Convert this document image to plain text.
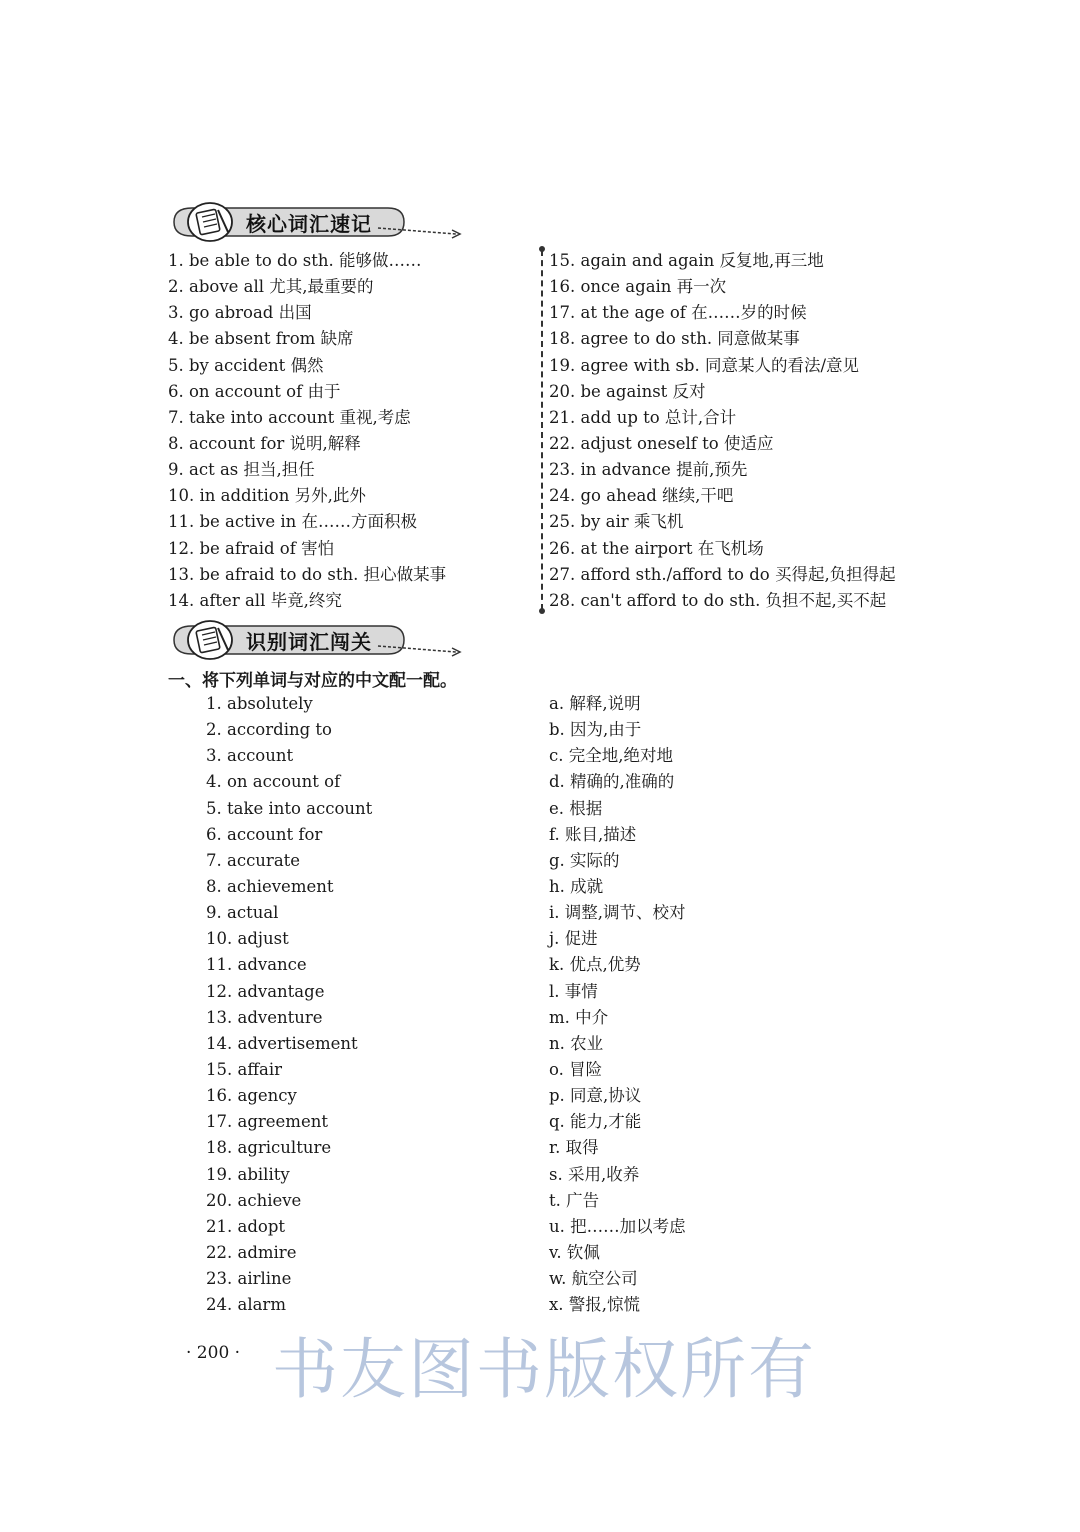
核心词汇速记
1. be able to do sth. 能够做……
2. above all 尤其,最重要的
3. go abroad 出国
4. be absent from 缺席
5. by accident 偶然
6. on account of 由于
7. take into account 重视,考虑
8. account for 说明,解释
9. act as 担当,担任
10. in addition 另外,此外
11. be active in 在……方面积极
12. be afraid of 害怕
13. be afraid to do sth. 担心做某事
14. after all 毕竟,终究
15. again and again 反复地,再三地
16. once again 再一次
17. at the age of 在……岁的时候
18. agree to do sth. 同意做某事
19. agree with sb. 同意某人的看法/意见
20. be against 反对
21. add up to 总计,合计
22. adjust oneself to 使适应
23. in advance 提前,预先
24. go ahead 继续,干吧
25. by air 乘飞机
26. at the airport 在飞机场
27. afford sth./afford to do 买得起,负担得起
28. can't afford to do sth. 负担不起,买不起
识别词汇闯关
一、将下列单词与对应的中文配一配。
1. absolutely
2. according to
3. account
4. on account of
5. take into account
6. account for
7. accurate
8. achievement
9. actual
10. adjust
11. advance
12. advantage
13. adventure
14. advertisement
15. affair
16. agency
17. agreement
18. agriculture
19. ability
20. achieve
21. adopt
22. admire
23. airline
24. alarm
a. 解释,说明
b. 因为,由于
c. 完全地,绝对地
d. 精确的,准确的
e. 根据
f. 账目,描述
g. 实际的
h. 成就
i. 调整,调节、校对
j. 促进
k. 优点,优势
l. 事情
m. 中介
n. 农业
o. 冒险
p. 同意,协议
q. 能力,才能
r. 取得
s. 采用,收养
t. 广告
u. 把……加以考虑
v. 钦佩
w. 航空公司
x. 警报,惊慌
· 200 · 书友图书版权所有
